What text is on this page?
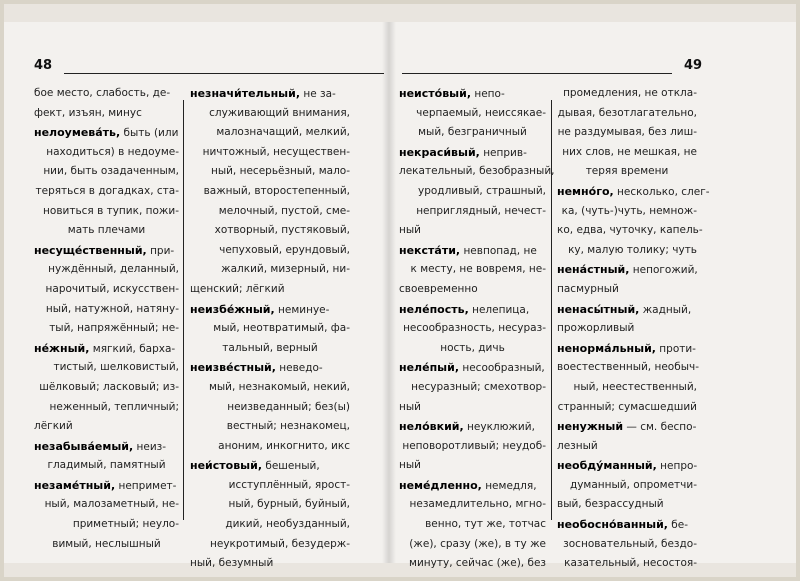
48
бое место, слабость, де-
фект, изъян, минус
нелоумева́ть, быть (или
находиться) в недоуме-
нии, быть озадаченным,
теряться в догадках, ста-
новиться в тупик, пожи-
мать плечами
несуще́ственный, при-
нуждённый, деланный,
нарочитый, искусствен-
ный, натужной, натяну-
тый, напряжённый; не-
не́жный, мягкий, барха-
тистый, шелковистый,
шёлковый; ласковый; из-
неженный, тепличный;
лёгкий
незабыва́емый, неиз-
гладимый, памятный
незаме́тный, непримет-
ный, малозаметный, не-
приметный; неуло-
вимый, неслышный
незначи́тельный, не за-
служивающий внимания,
малозначащий, мелкий,
ничтожный, несуществен-
ный, несерьёзный, мало-
важный, второстепенный,
мелочный, пустой, сме-
хотворный, пустяковый,
чепуховый, ерундовый,
жалкий, мизерный, ни-
щенский; лёгкий
неизбе́жный, неминуе-
мый, неотвратимый, фа-
тальный, верный
неизве́стный, неведо-
мый, незнакомый, некий,
неизведанный; без(ы)
вестный; незнакомец,
аноним, инкогнито, икс
неи́стовый, бешеный,
исступлённый, ярост-
ный, бурный, буйный,
дикий, необузданный,
неукротимый, безудерж-
ный, безумный
49
неисто́вый, непо-
черпаемый, неиссякае-
мый, безграничный
некраси́вый, неприв-
лекательный, безобразный,
уродливый, страшный,
неприглядный, нечест-
ный
некста́ти, невпопад, не
к месту, не вовремя, не-
своевременно
неле́пость, нелепица,
несообразность, несураз-
ность, дичь
неле́пый, несообразный,
несуразный; смехотвор-
ный
нело́вкий, неуклюжий,
неповоротливый; неудоб-
ный
неме́дленно, немедля,
незамедлительно, мгно-
венно, тут же, тотчас
(же), сразу (же), в ту же
минуту, сейчас (же), без
промедления, не откла-
дывая, безотлагательно,
не раздумывая, без лиш-
них слов, не мешкая, не
теряя времени
немно́го, несколько, слег-
ка, (чуть-)чуть, немнож-
ко, едва, чуточку, капель-
ку, малую толику; чуть
нена́стный, непогожий,
пасмурный
ненасы́тный, жадный,
прожорливый
ненорма́льный, проти-
воестественный, необыч-
ный, неестественный,
странный; сумасшедший
ненужный — см. беспо-
лезный
необду́манный, непро-
думанный, опрометчи-
вый, безрассудный
необосно́ванный, бе-
зосновательный, бездо-
казательный, несостоя-
